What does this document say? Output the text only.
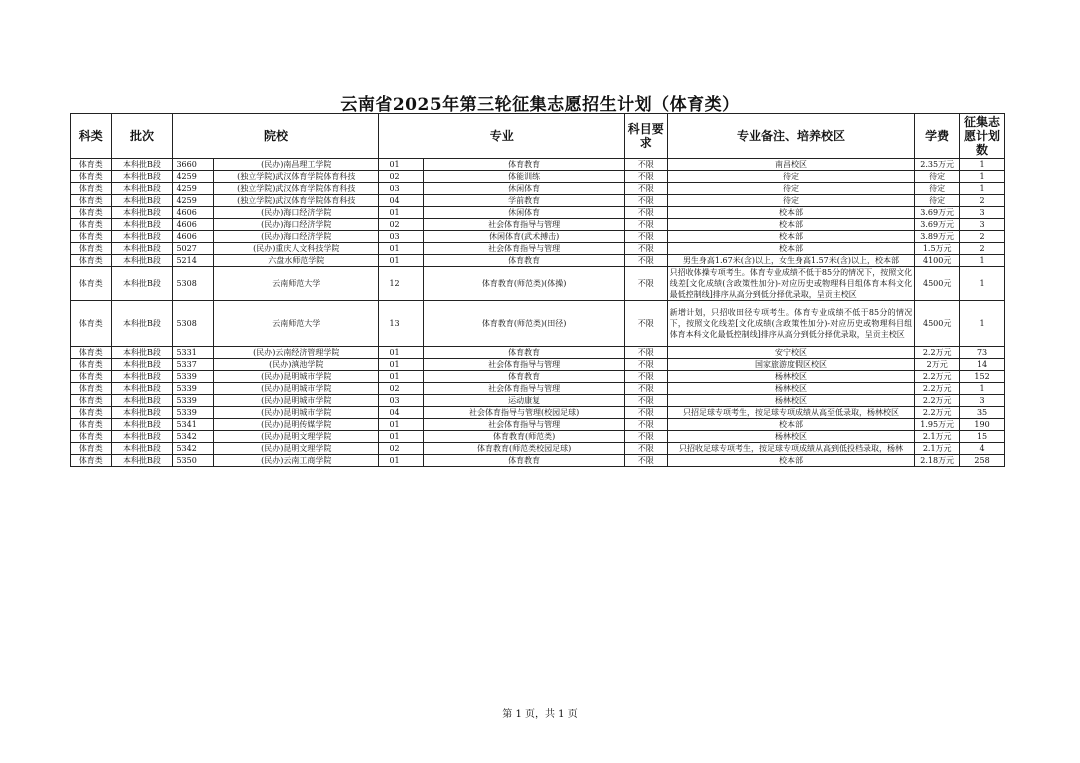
云南省2025年第三轮征集志愿招生计划（体育类）
科类	批次	院校		专业		科目要求	专业备注、培养校区	学费	征集志愿计划数
体育类	本科批B段	3660	(民办)南昌理工学院	01	体育教育	不限	南昌校区	2.35万元	1
体育类	本科批B段	4259	(独立学院)武汉体育学院体育科技	02	体能训练	不限	待定	待定	1
体育类	本科批B段	4259	(独立学院)武汉体育学院体育科技	03	休闲体育	不限	待定	待定	1
体育类	本科批B段	4259	(独立学院)武汉体育学院体育科技	04	学前教育	不限	待定	待定	2
体育类	本科批B段	4606	(民办)海口经济学院	01	休闲体育	不限	校本部	3.69万元	3
体育类	本科批B段	4606	(民办)海口经济学院	02	社会体育指导与管理	不限	校本部	3.69万元	3
体育类	本科批B段	4606	(民办)海口经济学院	03	休闲体育(武术搏击)	不限	校本部	3.89万元	2
体育类	本科批B段	5027	(民办)重庆人文科技学院	01	社会体育指导与管理	不限	校本部	1.5万元	2
体育类	本科批B段	5214	六盘水师范学院	01	体育教育	不限	男生身高1.67米(含)以上，女生身高1.57米(含)以上，校本部	4100元	1
体育类	本科批B段	5308	云南师范大学	12	体育教育(师范类)(体操)	不限	只招收体操专项考生。体育专业成绩不低于85分的情况下，按照文化线差[文化成绩(含政策性加分)-对应历史或物理科目组体育本科文化最低控制线]排序从高分到低分择优录取，呈贡主校区	4500元	1
体育类	本科批B段	5308	云南师范大学	13	体育教育(师范类)(田径)	不限	新增计划，只招收田径专项考生。体育专业成绩不低于85分的情况下，按照文化线差[文化成绩(含政策性加分)-对应历史或物理科目组体育本科文化最低控制线]排序从高分到低分择优录取，呈贡主校区	4500元	1
体育类	本科批B段	5331	(民办)云南经济管理学院	01	体育教育	不限	安宁校区	2.2万元	73
体育类	本科批B段	5337	(民办)滇池学院	01	社会体育指导与管理	不限	国家旅游度假区校区	2万元	14
体育类	本科批B段	5339	(民办)昆明城市学院	01	体育教育	不限	杨林校区	2.2万元	152
体育类	本科批B段	5339	(民办)昆明城市学院	02	社会体育指导与管理	不限	杨林校区	2.2万元	1
体育类	本科批B段	5339	(民办)昆明城市学院	03	运动康复	不限	杨林校区	2.2万元	3
体育类	本科批B段	5339	(民办)昆明城市学院	04	社会体育指导与管理(校园足球)	不限	只招足球专项考生，按足球专项成绩从高至低录取，杨林校区	2.2万元	35
体育类	本科批B段	5341	(民办)昆明传媒学院	01	社会体育指导与管理	不限	校本部	1.95万元	190
体育类	本科批B段	5342	(民办)昆明文理学院	01	体育教育(师范类)	不限	杨林校区	2.1万元	15
体育类	本科批B段	5342	(民办)昆明文理学院	02	体育教育(师范类校园足球)	不限	只招收足球专项考生，按足球专项成绩从高到低投档录取，杨林	2.1万元	4
体育类	本科批B段	5350	(民办)云南工商学院	01	体育教育	不限	校本部	2.18万元	258
第 1 页，共 1 页
